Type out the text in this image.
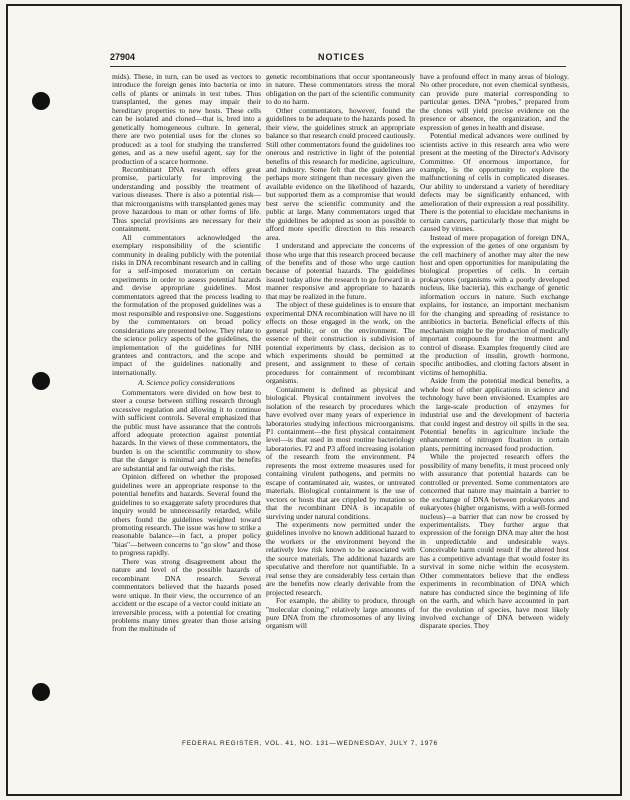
27904	NOTICES

mids). These, in turn, can be used as vectors to introduce the foreign genes into bacteria or into cells of plants or animals in test tubes. Thus transplanted, the genes may impair their hereditary properties to new hosts. These cells can be isolated and cloned—that is, bred into a genetically homogeneous culture. In general, there are two potential uses for the clones so produced: as a tool for studying the transferred genes, and as a new useful agent, say for the production of a scarce hormone.

Recombinant DNA research offers great promise, particularly for improving the understanding and possibly the treatment of various diseases. There is also a potential risk—that microorganisms with transplanted genes may prove hazardous to man or other forms of life. Thus special provisions are necessary for their containment.

All commentators acknowledged the exemplary responsibility of the scientific community in dealing publicly with the potential risks in DNA recombinant research and in calling for a self-imposed moratorium on certain experiments in order to assess potential hazards and devise appropriate guidelines. Most commentators agreed that the process leading to the formulation of the proposed guidelines was a most responsible and responsive one. Suggestions by the commentators on broad policy considerations are presented below. They relate to the science policy aspects of the guidelines, the implementation of the guidelines for NIH grantees and contractors, and the scope and impact of the guidelines nationally and internationally.

A. Science policy considerations

Commentators were divided on how best to steer a course between stifling research through excessive regulation and allowing it to continue with sufficient controls. Several emphasized that the public must have assurance that the controls afford adequate protection against potential hazards. In the views of these commentators, the burden is on the scientific community to show that the danger is minimal and that the benefits are substantial and far outweigh the risks.

Opinion differed on whether the proposed guidelines were an appropriate response to the potential benefits and hazards. Several found the guidelines to so exaggerate safety procedures that inquiry would be unnecessarily retarded, while others found the guidelines weighted toward promoting research. The issue was how to strike a reasonable balance—in fact, a proper policy "bias"—between concerns to "go slow" and those to progress rapidly.

There was strong disagreement about the nature and level of the possible hazards of recombinant DNA research. Several commentators believed that the hazards posed were unique. In their view, the occurrence of an accident or the escape of a vector could initiate an irreversible process, with a potential for creating problems many times greater than those arising from the multitude of

genetic recombinations that occur spontaneously in nature. These commentators stress the moral obligation on the part of the scientific community to do no harm.

Other commentators, however, found the guidelines to be adequate to the hazards posed. In their view, the guidelines struck an appropriate balance so that research could proceed cautiously. Still other commentators found the guidelines too onerous and restrictive in light of the potential benefits of this research for medicine, agriculture, and industry. Some felt that the guidelines are perhaps more stringent than necessary given the available evidence on the likelihood of hazards, but supported them as a compromise that would best serve the scientific community and the public at large. Many commentators urged that the guidelines be adopted as soon as possible to afford more specific direction to this research area.

I understand and appreciate the concerns of those who urge that this research proceed because of the benefits and of those who urge caution because of potential hazards. The guidelines issued today allow the research to go forward in a manner responsive and appropriate to hazards that may be realized in the future.

The object of these guidelines is to ensure that experimental DNA recombination will have no ill effects on those engaged in the work, on the general public, or on the environment. The essence of their construction is subdivision of potential experiments by class, decision as to which experiments should be permitted at present, and assignment to these of certain procedures for containment of recombinant organisms.

Containment is defined as physical and biological. Physical containment involves the isolation of the research by procedures which have evolved over many years of experience in laboratories studying infectious microorganisms. P1 containment—the first physical containment level—is that used in most routine bacteriology laboratories. P2 and P3 afford increasing isolation of the research from the environment. P4 represents the most extreme measures used for containing virulent pathogens, and permits no escape of contaminated air, wastes, or untreated materials. Biological containment is the use of vectors or hosts that are crippled by mutation so that the recombinant DNA is incapable of surviving under natural conditions.

The experiments now permitted under the guidelines involve no known additional hazard to the workers or the environment beyond the relatively low risk known to be associated with the source materials. The additional hazards are speculative and therefore not quantifiable. In a real sense they are considerably less certain than are the benefits now clearly derivable from the projected research.

For example, the ability to produce, through "molecular cloning," relatively large amounts of pure DNA from the chromosomes of any living organism will

have a profound effect in many areas of biology. No other procedure, not even chemical synthesis, can provide pure material corresponding to particular genes. DNA "probes," prepared from the clones will yield precise evidence on the presence or absence, the organization, and the expression of genes in health and disease.

Potential medical advances were outlined by scientists active in this research area who were present at the meeting of the Director's Advisory Committee. Of enormous importance, for example, is the opportunity to explore the malfunctioning of cells in complicated diseases. Our ability to understand a variety of hereditary defects may be significantly enhanced, with amelioration of their expression a real possibility. There is the potential to elucidate mechanisms in certain cancers, particularly those that might be caused by viruses.

Instead of mere propagation of foreign DNA, the expression of the genes of one organism by the cell machinery of another may alter the new host and open opportunities for manipulating the biological properties of cells. In certain prokaryotes (organisms with a poorly developed nucleus, like bacteria), this exchange of genetic information occurs in nature. Such exchange explains, for instance, an important mechanism for the changing and spreading of resistance to antibiotics in bacteria. Beneficial effects of this mechanism might be the production of medically important compounds for the treatment and control of disease. Examples frequently cited are the production of insulin, growth hormone, specific antibodies, and clotting factors absent in victims of hemophilia.

Aside from the potential medical benefits, a whole host of other applications in science and technology have been envisioned. Examples are the large-scale production of enzymes for industrial use and the development of bacteria that could ingest and destroy oil spills in the sea. Potential benefits in agriculture include the enhancement of nitrogen fixation in certain plants, permitting increased food production.

While the projected research offers the possibility of many benefits, it must proceed only with assurance that potential hazards can be controlled or prevented. Some commentators are concerned that nature may maintain a barrier to the exchange of DNA between prokaryotes and eukaryotes (higher organisms, with a well-formed nucleus)—a barrier that can now be crossed by experimentalists. They further argue that expression of the foreign DNA may alter the host in unpredictable and undesirable ways. Conceivable harm could result if the altered host has a competitive advantage that would foster its survival in some niche within the ecosystem. Other commentators believe that the endless experiments in recombination of DNA which nature has conducted since the beginning of life on the earth, and which have accounted in part for the evolution of species, have most likely involved exchange of DNA between widely disparate species. They

FEDERAL REGISTER, VOL. 41, NO. 131—WEDNESDAY, JULY 7, 1976
